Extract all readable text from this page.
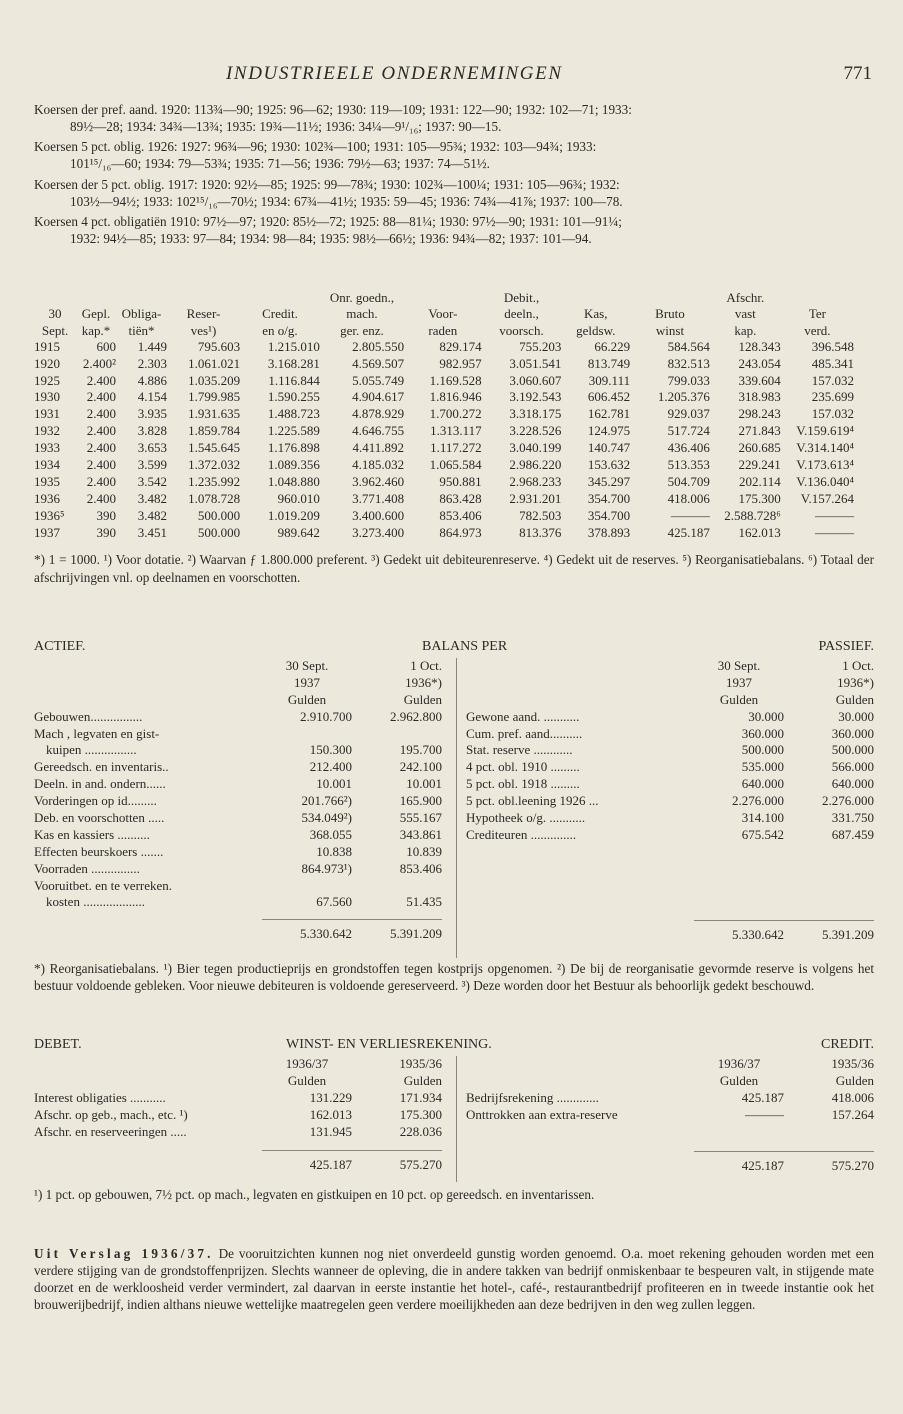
INDUSTRIEELE ONDERNEMINGEN	771
Koersen der pref. aand. 1920: 113¾—90; 1925: 96—62; 1930: 119—109; 1931: 122—90; 1932: 102—71; 1933:
89½—28; 1934: 34¾—13¾; 1935: 19¾—11½; 1936: 34¼—9¹/₁₆; 1937: 90—15.
Koersen 5 pct. oblig. 1926: 1927: 96¾—96; 1930: 102¾—100; 1931: 105—95¾; 1932: 103—94¾; 1933:
101¹⁵/₁₆—60; 1934: 79—53¾; 1935: 71—56; 1936: 79½—63; 1937: 74—51½.
Koersen der 5 pct. oblig. 1917: 1920: 92½—85; 1925: 99—78¾; 1930: 102¾—100¼; 1931: 105—96¾; 1932:
103½—94½; 1933: 102¹⁵/₁₆—70½; 1934: 67¾—41½; 1935: 59—45; 1936: 74¾—41⅞; 1937: 100—78.
Koersen 4 pct. obligatiën 1910: 97½—97; 1920: 85½—72; 1925: 88—81¼; 1930: 97½—90; 1931: 101—91¼;
1932: 94½—85; 1933: 97—84; 1934: 98—84; 1935: 98½—66½; 1936: 94¾—82; 1937: 101—94.
					Onr. goedn.,		Debit.,			Afschr.	
30	Gepl.	Obliga-	Reser-	Credit.	mach.	Voor-	deeln.,	Kas,	Bruto	vast	Ter
Sept.	kap.*	tiën*	ves¹)	en o/g.	ger. enz.	raden	voorsch.	geldsw.	winst	kap.	verd.
1915	600	1.449	795.603	1.215.010	2.805.550	829.174	755.203	66.229	584.564	128.343	396.548
1920	2.400²	2.303	1.061.021	3.168.281	4.569.507	982.957	3.051.541	813.749	832.513	243.054	485.341
1925	2.400	4.886	1.035.209	1.116.844	5.055.749	1.169.528	3.060.607	309.111	799.033	339.604	157.032
1930	2.400	4.154	1.799.985	1.590.255	4.904.617	1.816.946	3.192.543	606.452	1.205.376	318.983	235.699
1931	2.400	3.935	1.931.635	1.488.723	4.878.929	1.700.272	3.318.175	162.781	929.037	298.243	157.032
1932	2.400	3.828	1.859.784	1.225.589	4.646.755	1.313.117	3.228.526	124.975	517.724	271.843	V.159.619⁴
1933	2.400	3.653	1.545.645	1.176.898	4.411.892	1.117.272	3.040.199	140.747	436.406	260.685	V.314.140⁴
1934	2.400	3.599	1.372.032	1.089.356	4.185.032	1.065.584	2.986.220	153.632	513.353	229.241	V.173.613⁴
1935	2.400	3.542	1.235.992	1.048.880	3.962.460	950.881	2.968.233	345.297	504.709	202.114	V.136.040⁴
1936	2.400	3.482	1.078.728	960.010	3.771.408	863.428	2.931.201	354.700	418.006	175.300	V.157.264
1936⁵	390	3.482	500.000	1.019.209	3.400.600	853.406	782.503	354.700	———	2.588.728⁶	———
1937	390	3.451	500.000	989.642	3.273.400	864.973	813.376	378.893	425.187	162.013	———

*) 1 = 1000. ¹) Voor dotatie. ²) Waarvan ƒ 1.800.000 preferent. ³) Gedekt uit debiteurenreserve. ⁴) Gedekt uit de reserves. ⁵) Reorganisatiebalans. ⁶) Totaal der afschrijvingen vnl. op deelnamen en voorschotten.

ACTIEF.	BALANS PER	PASSIEF.
	30 Sept.	1 Oct.
	1937	1936*)
	Gulden	Gulden
Gebouwen................	2.910.700	2.962.800
Mach , legvaten en gist-		
kuipen ................	150.300	195.700
Gereedsch. en inventaris..	212.400	242.100
Deeln. in and. ondern......	10.001	10.001
Vorderingen op id.........	201.766²)	165.900
Deb. en voorschotten .....	534.049²)	555.167
Kas en kassiers ..........	368.055	343.861
Effecten beurskoers .......	10.838	10.839
Voorraden ...............	864.973¹)	853.406
Vooruitbet. en te verreken.		
kosten ...................	67.560	51.435

	5.330.642	5.391.209
	30 Sept.	1 Oct.
	1937	1936*)
	Gulden	Gulden
Gewone aand. ...........	30.000	30.000
Cum. pref. aand..........	360.000	360.000
Stat. reserve ............	500.000	500.000
4 pct. obl. 1910 .........	535.000	566.000
5 pct. obl. 1918 .........	640.000	640.000
5 pct. obl.leening 1926 ...	2.276.000	2.276.000
Hypotheek o/g. ...........	314.100	331.750
Crediteuren ..............	675.542	687.459

	5.330.642	5.391.209

*) Reorganisatiebalans. ¹) Bier tegen productieprijs en grondstoffen tegen kostprijs opgenomen. ²) De bij de reorganisatie gevormde reserve is volgens het bestuur voldoende gebleken. Voor nieuwe debiteuren is voldoende gereserveerd. ³) Deze worden door het Bestuur als behoorlijk gedekt beschouwd.

DEBET.	WINST- EN VERLIESREKENING.	CREDIT.
	1936/37	1935/36
	Gulden	Gulden
Interest obligaties ...........	131.229	171.934
Afschr. op geb., mach., etc. ¹)	162.013	175.300
Afschr. en reserveeringen .....	131.945	228.036

	425.187	575.270
	1936/37	1935/36
	Gulden	Gulden
Bedrijfsrekening .............	425.187	418.006
Onttrokken aan extra-reserve	———	157.264

	425.187	575.270

¹) 1 pct. op gebouwen, 7½ pct. op mach., legvaten en gistkuipen en 10 pct. op gereedsch. en inventarissen.

Uit Verslag 1936/37. De vooruitzichten kunnen nog niet onverdeeld gunstig worden genoemd. O.a. moet rekening gehouden worden met een verdere stijging van de grondstoffenprijzen. Slechts wanneer de opleving, die in andere takken van bedrijf onmiskenbaar te bespeuren valt, in stijgende mate doorzet en de werkloosheid verder vermindert, zal daarvan in eerste instantie het hotel-, café-, restaurantbedrijf profiteeren en in tweede instantie ook het brouwerijbedrijf, indien althans nieuwe wettelijke maatregelen geen verdere moeilijkheden aan deze bedrijven in den weg zullen leggen.
